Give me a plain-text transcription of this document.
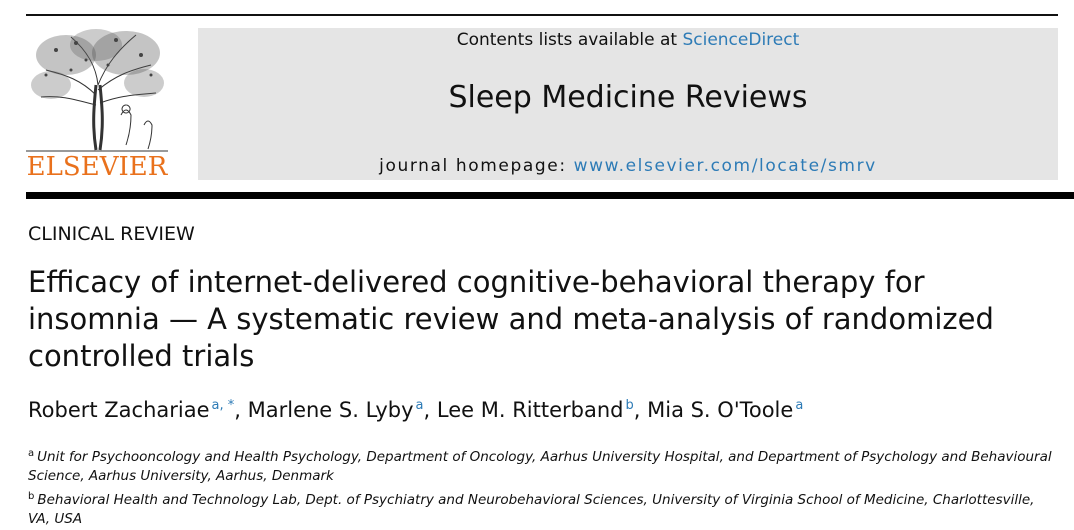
ELSEVIER
Contents lists available at ScienceDirect
Sleep Medicine Reviews
journal homepage: www.elsevier.com/locate/smrv
CLINICAL REVIEW
Efficacy of internet-delivered cognitive-behavioral therapy for
insomnia — A systematic review and meta-analysis of randomized
controlled trials
Robert Zachariae $^{a, *}$, Marlene S. Lyby $^a$, Lee M. Ritterband $^b$, Mia S. O'Toole $^a$
$^a$ Unit for Psychooncology and Health Psychology, Department of Oncology, Aarhus University Hospital, and Department of Psychology and Behavioural Science, Aarhus University, Aarhus, Denmark
$^b$ Behavioral Health and Technology Lab, Dept. of Psychiatry and Neurobehavioral Sciences, University of Virginia School of Medicine, Charlottesville, VA, USA
